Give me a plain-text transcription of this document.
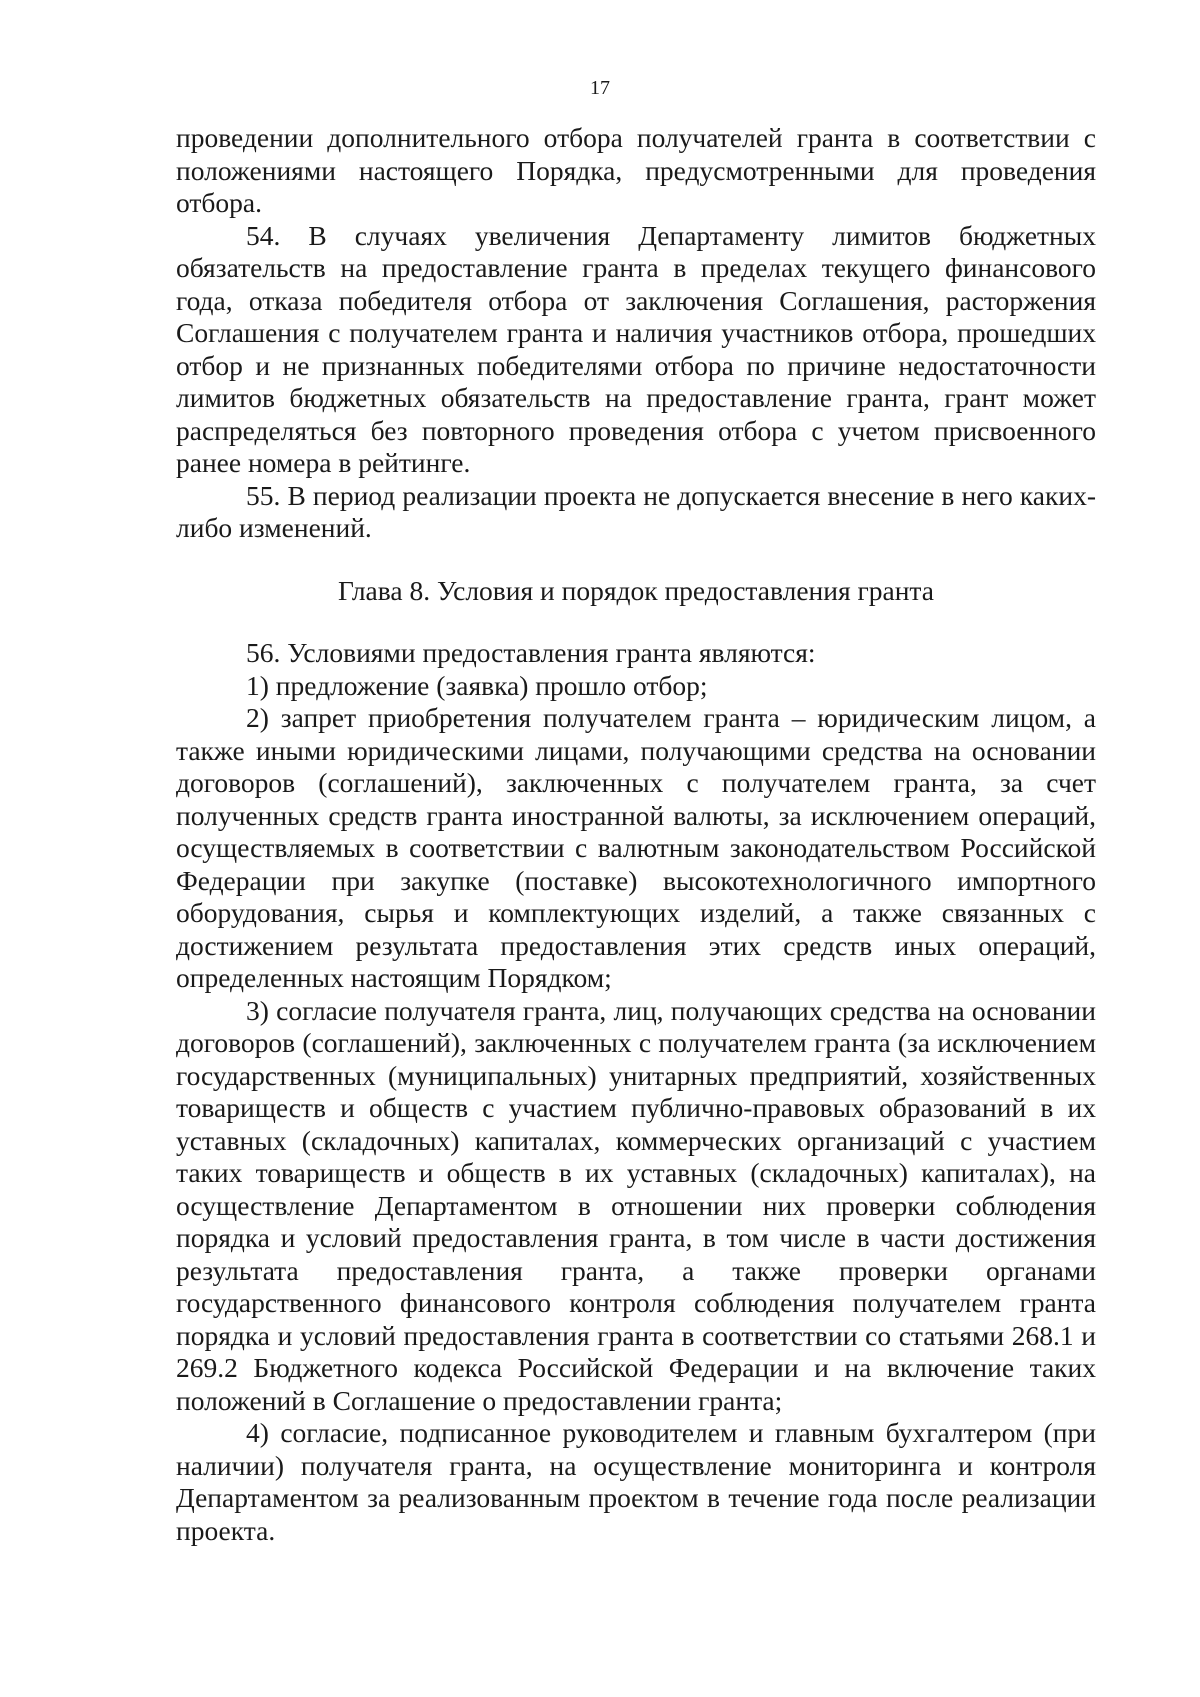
17

проведении дополнительного отбора получателей гранта в соответствии с положениями настоящего Порядка, предусмотренными для проведения отбора.

54. В случаях увеличения Департаменту лимитов бюджетных обязательств на предоставление гранта в пределах текущего финансового года, отказа победителя отбора от заключения Соглашения, расторжения Соглашения с получателем гранта и наличия участников отбора, прошедших отбор и не признанных победителями отбора по причине недостаточности лимитов бюджетных обязательств на предоставление гранта, грант может распределяться без повторного проведения отбора с учетом присвоенного ранее номера в рейтинге.

55. В период реализации проекта не допускается внесение в него каких-либо изменений.

Глава 8. Условия и порядок предоставления гранта

56. Условиями предоставления гранта являются:

1) предложение (заявка) прошло отбор;

2) запрет приобретения получателем гранта – юридическим лицом, а также иными юридическими лицами, получающими средства на основании договоров (соглашений), заключенных с получателем гранта, за счет полученных средств гранта иностранной валюты, за исключением операций, осуществляемых в соответствии с валютным законодательством Российской Федерации при закупке (поставке) высокотехнологичного импортного оборудования, сырья и комплектующих изделий, а также связанных с достижением результата предоставления этих средств иных операций, определенных настоящим Порядком;

3) согласие получателя гранта, лиц, получающих средства на основании договоров (соглашений), заключенных с получателем гранта (за исключением государственных (муниципальных) унитарных предприятий, хозяйственных товариществ и обществ с участием публично-правовых образований в их уставных (складочных) капиталах, коммерческих организаций с участием таких товариществ и обществ в их уставных (складочных) капиталах), на осуществление Департаментом в отношении них проверки соблюдения порядка и условий предоставления гранта, в том числе в части достижения результата предоставления гранта, а также проверки органами государственного финансового контроля соблюдения получателем гранта порядка и условий предоставления гранта в соответствии со статьями 268.1 и 269.2 Бюджетного кодекса Российской Федерации и на включение таких положений в Соглашение о предоставлении гранта;

4) согласие, подписанное руководителем и главным бухгалтером (при наличии) получателя гранта, на осуществление мониторинга и контроля Департаментом за реализованным проектом в течение года после реализации проекта.
